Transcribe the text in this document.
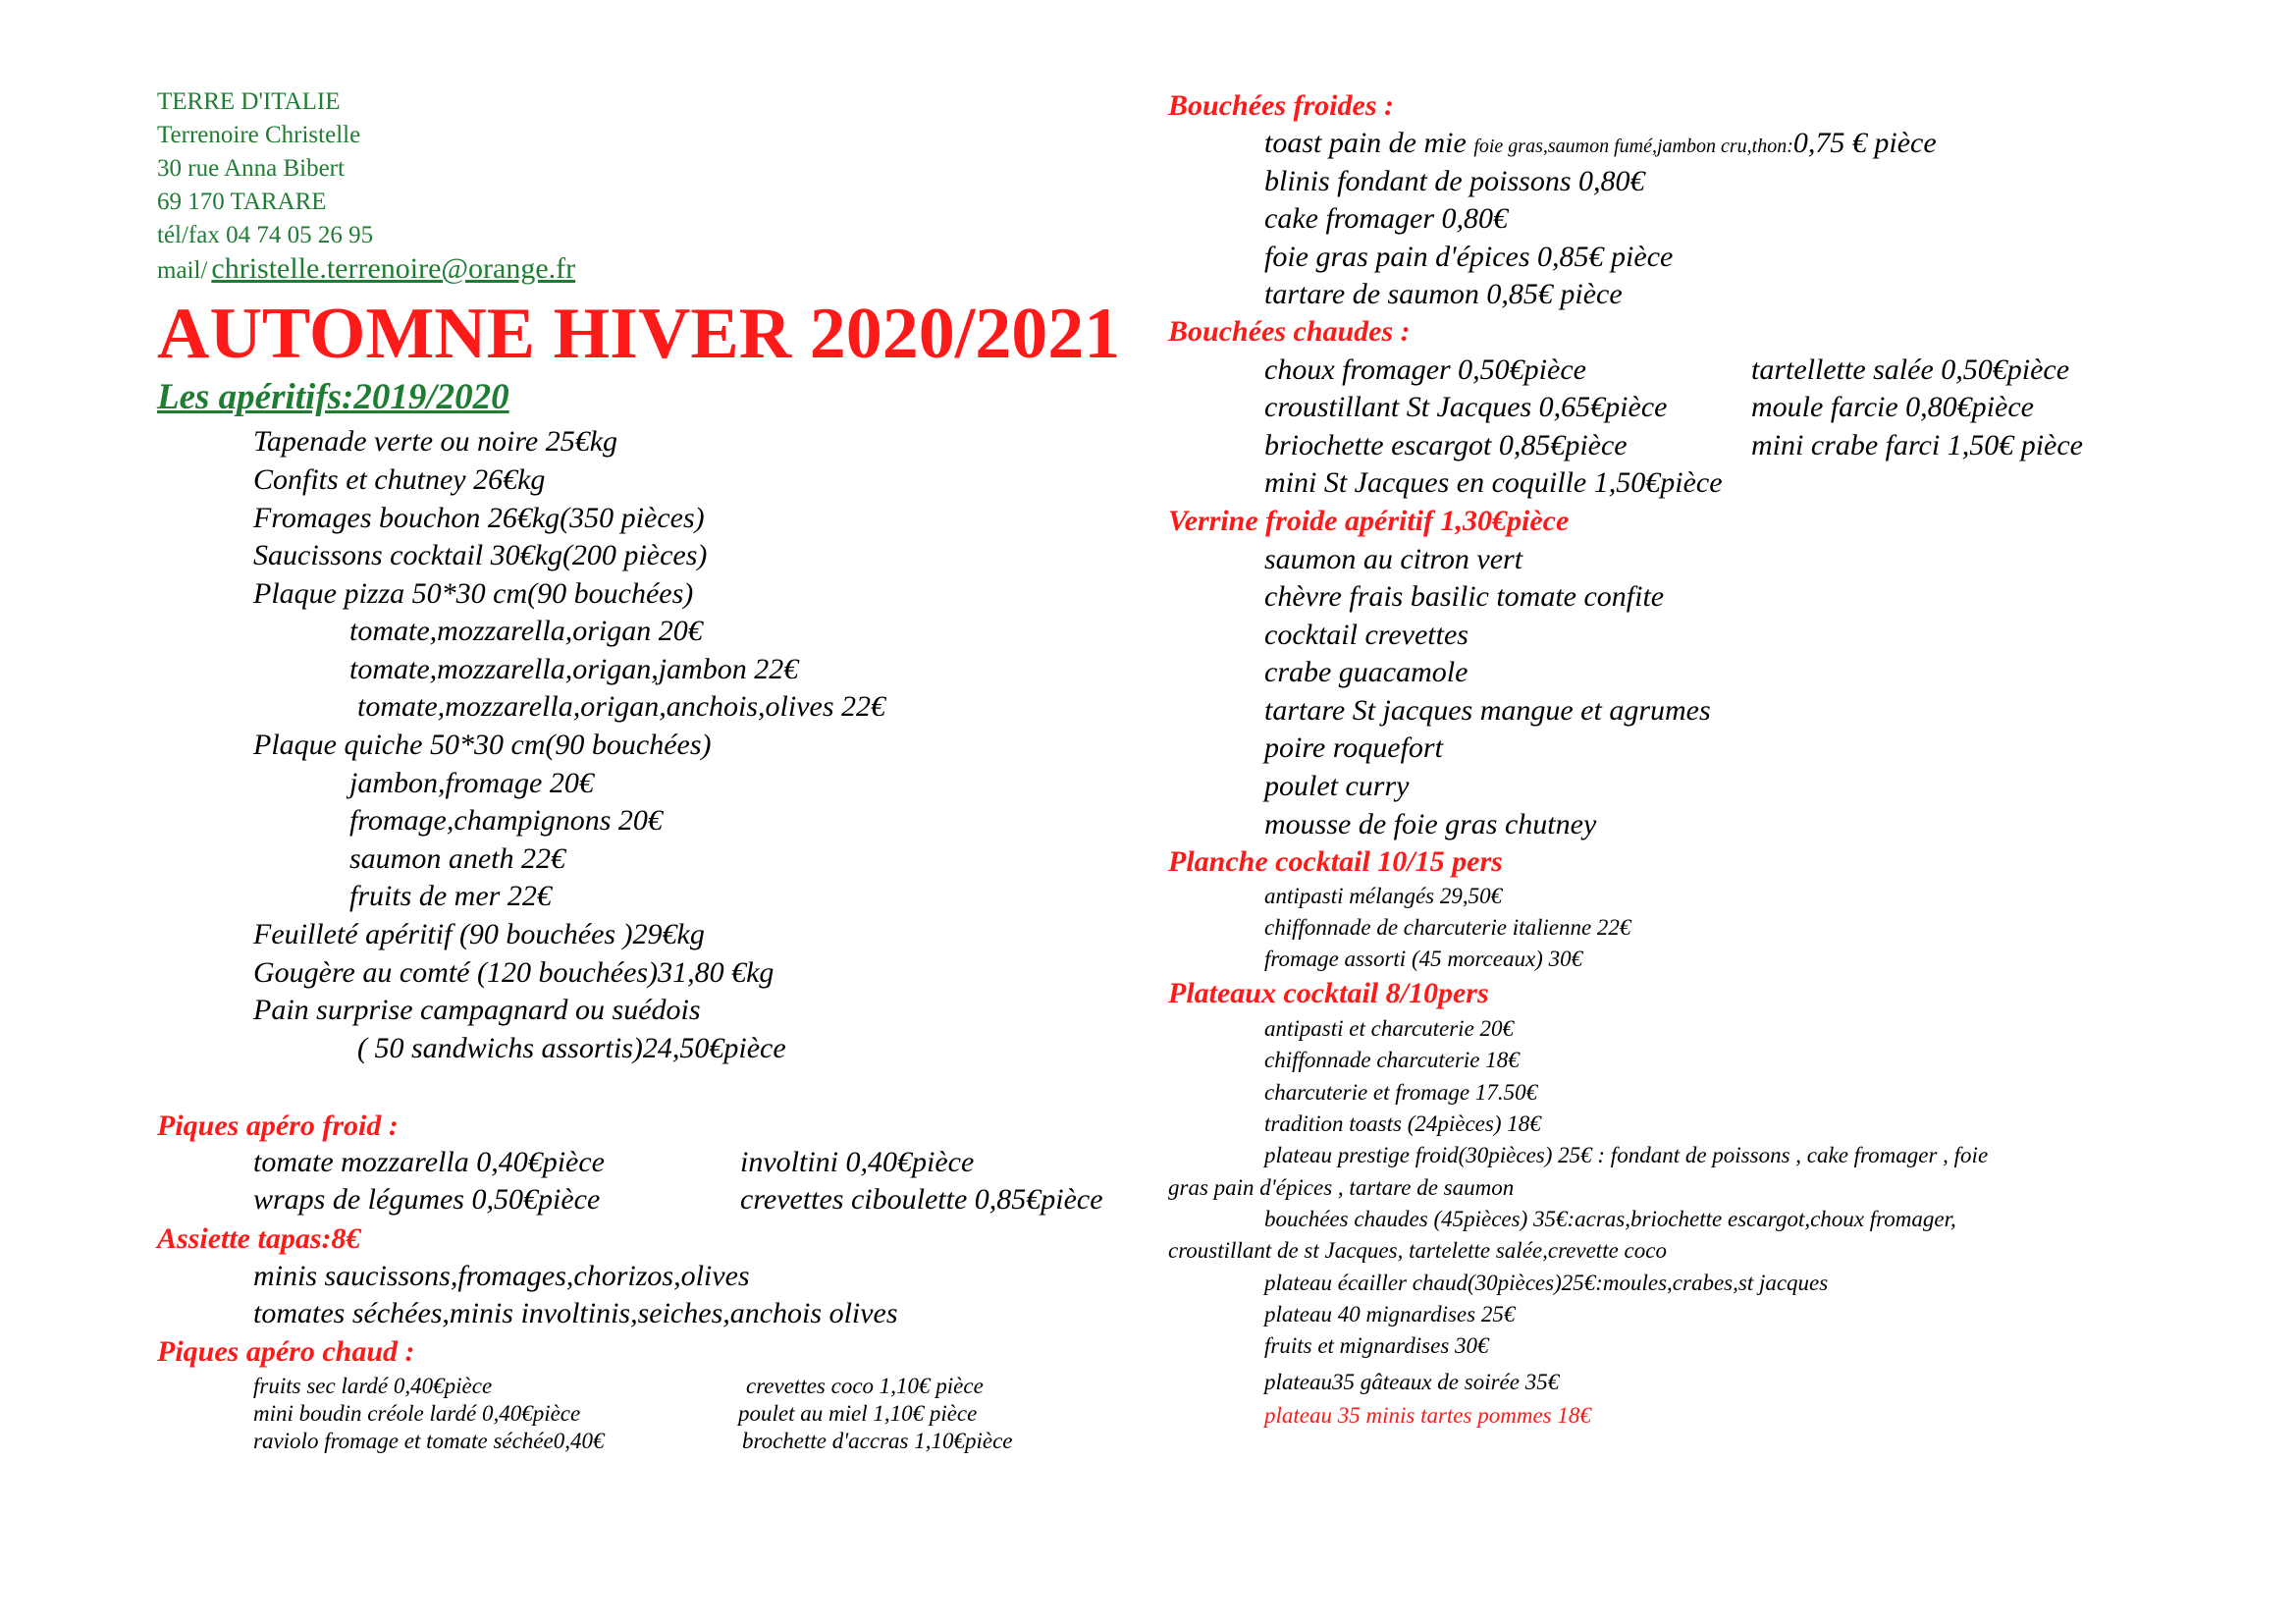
TERRE D'ITALIE
Terrenoire Christelle
30 rue Anna Bibert
69 170 TARARE
tél/fax 04 74 05 26 95
mail/ christelle.terrenoire@orange.fr
AUTOMNE HIVER 2020/2021
Les apéritifs:2019/2020
Tapenade verte ou noire 25€kg
Confits et chutney 26€kg
Fromages bouchon 26€kg(350 pièces)
Saucissons cocktail 30€kg(200 pièces)
Plaque pizza 50*30 cm(90 bouchées)
tomate,mozzarella,origan 20€
tomate,mozzarella,origan,jambon 22€
tomate,mozzarella,origan,anchois,olives 22€
Plaque quiche 50*30 cm(90 bouchées)
jambon,fromage 20€
fromage,champignons 20€
saumon aneth 22€
fruits de mer 22€
Feuilleté apéritif (90 bouchées )29€kg
Gougère au comté (120 bouchées)31,80 €kg
Pain surprise campagnard ou suédois
( 50 sandwichs assortis)24,50€pièce
Piques apéro froid :
tomate mozzarella 0,40€pièce	involtini 0,40€pièce
wraps de légumes 0,50€pièce	crevettes ciboulette 0,85€pièce
Assiette tapas:8€
minis saucissons,fromages,chorizos,olives
tomates séchées,minis involtinis,seiches,anchois olives
Piques apéro chaud :
fruits sec lardé 0,40€pièce	crevettes coco 1,10€ pièce
mini boudin créole lardé 0,40€pièce	poulet au miel 1,10€ pièce
raviolo fromage et tomate séchée0,40€	brochette d'accras 1,10€pièce
Bouchées froides :
toast pain de mie foie gras,saumon fumé,jambon cru,thon:0,75 € pièce
blinis fondant de poissons 0,80€
cake fromager 0,80€
foie gras pain d'épices 0,85€ pièce
tartare de saumon 0,85€ pièce
Bouchées chaudes :
choux fromager 0,50€pièce	tartellette salée 0,50€pièce
croustillant St Jacques 0,65€pièce	moule farcie 0,80€pièce
briochette escargot 0,85€pièce	mini crabe farci 1,50€ pièce
mini St Jacques en coquille 1,50€pièce
Verrine froide apéritif 1,30€pièce
saumon au citron vert
chèvre frais basilic tomate confite
cocktail crevettes
crabe guacamole
tartare St jacques mangue et agrumes
poire roquefort
poulet curry
mousse de foie gras chutney
Planche cocktail 10/15 pers
antipasti mélangés 29,50€
chiffonnade de charcuterie italienne 22€
fromage assorti (45 morceaux) 30€
Plateaux cocktail 8/10pers
antipasti et charcuterie 20€
chiffonnade charcuterie 18€
charcuterie et fromage 17.50€
tradition toasts (24pièces) 18€
plateau prestige froid(30pièces) 25€ : fondant de poissons , cake fromager , foie
gras pain d'épices , tartare de saumon
bouchées chaudes (45pièces) 35€:acras,briochette escargot,choux fromager,
croustillant de st Jacques, tartelette salée,crevette coco
plateau écailler chaud(30pièces)25€:moules,crabes,st jacques
plateau 40 mignardises 25€
fruits et mignardises 30€
plateau35 gâteaux de soirée 35€
plateau 35 minis tartes pommes 18€
